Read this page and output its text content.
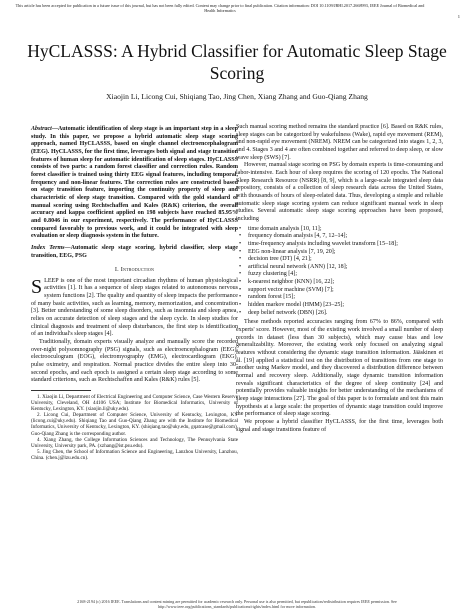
This article has been accepted for publication in a future issue of this journal, but has not been fully edited. Content may change prior to final publication. Citation information: DOI 10.1109/JBHI.2017.2668993, IEEE Journal of Biomedical and Health Informatics
1
HyCLASSS: A Hybrid Classifier for Automatic Sleep Stage Scoring
Xiaojin Li, Licong Cui, Shiqiang Tao, Jing Chen, Xiang Zhang and Guo-Qiang Zhang

Abstract—Automatic identification of sleep stage is an important step in a sleep study. In this paper, we propose a hybrid automatic sleep stage scoring approach, named HyCLASSS, based on single channel electroencephalogram (EEG). HyCLASSS, for the first time, leverages both signal and stage transition features of human sleep for automatic identification of sleep stages. HyCLASSS consists of two parts: a random forest classifier and correction rules. Random forest classifier is trained using thirty EEG signal features, including temporal, frequency and non-linear features. The correction rules are constructed based on stage transition feature, importing the continuity property of sleep and characteristic of sleep stage transition. Compared with the gold standard of manual scoring using Rechtschaffen and Kales (R&K) criterion, the overall accuracy and kappa coefficient applied on 198 subjects have reached 85.95% and 0.8046 in our experiment, respectively. The performance of HyCLASSS compared favorably to previous work, and it could be integrated with sleep evaluation or sleep diagnosis system in the future.

Index Terms—Automatic sleep stage scoring, hybrid classifier, sleep stage transition, EEG, PSG

I. Introduction

SLEEP is one of the most important circadian rhythms of human physiological activities [1]. It has a sequence of sleep stages related to autonomous nervous system functions [2]. The quality and quantity of sleep impacts the performance of many basic activities, such as learning, memory, memorization, and concentration [3]. Better understanding of some sleep disorders, such as insomnia and sleep apnea, relies on accurate detection of sleep stages and the sleep cycle. In sleep studies for clinical diagnosis and treatment of sleep disturbances, the first step is identification of an individual's sleep stages [4].

Traditionally, domain experts visually analyze and manually score the recorded over-night polysomnography (PSG) signals, such as electroencephalogram (EEG), electrooculogram (EOG), electromyography (EMG), electrocardiogram (EKG), pulse oximetry, and respiration. Normal practice divides the entire sleep into 30-second epochs, and each epoch is assigned a certain sleep stage according to some standard criterions, such as Rechtschaffen and Kales (R&K) rules [5].

1. Xiaojin Li, Department of Electrical Engineering and Computer Science, Case Western Reserve University, Cleveland, OH 44106 USA; Institute for Biomedical Informatics, University of Kentucky, Lexington, KY. (xiaojin.li@uky.edu).

2. Licong Cui, Department of Computer Science, University of Kentucky, Lexington, KY (licong.cui@uky.edu). Shiqiang Tao and Guo-Qiang Zhang are with the Institute for Biomedical Informatics, University of Kentucky, Lexington, KY. (shiqiang.tao@uky.edu, gqatcase@gmail.com). Guo-Qiang Zhang is the corresponding author.

4. Xiang Zhang, the College Information Sciences and Technology, The Pennsylvania State University, University park, PA. (xzhang@ist.psu.edu).

5. Jing Chen, the School of Information Science and Engineering, Lanzhou University, Lanzhou, China. (chen.j@lzu.edu.cn).

Such manual scoring method remains the standard practice [6]. Based on R&K rules, sleep stages can be categorized by wakefulness (Wake), rapid eye movement (REM), and non-rapid eye movement (NREM). NREM can be categorized into stages 1, 2, 3, and 4. Stages 3 and 4 are often combined together and referred to deep sleep, or slow wave sleep (SWS) [7].

However, manual stage scoring on PSG by domain experts is time-consuming and labor-intensive. Each hour of sleep requires the scoring of 120 epochs. The National Sleep Research Resource (NSRR) [8, 9], which is a large-scale integrated sleep data repository, consists of a collection of sleep research data across the United States, with thousands of hours of sleep-related data. Thus, developing a simple and reliable automatic sleep stage scoring system can reduce significant manual work in sleep studies. Several automatic sleep stage scoring approaches have been proposed, including

• time domain analysis [10, 11];
• frequency domain analysis [4, 7, 12–14];
• time-frequency analysis including wavelet transform [15–18];
• EEG non-linear analysis [7, 19, 20];
• decision tree (DT) [4, 21];
• artificial neural network (ANN) [12, 18];
• fuzzy clustering [4];
• k-nearest neighbor (KNN) [16, 22];
• support vector machine (SVM) [7];
• random forest [15];
• hidden markov model (HMM) [23–25];
• deep belief network (DBN) [26].

These methods reported accuracies ranging from 67% to 86%, compared with experts' score. However, most of the existing work involved a small number of sleep records in dataset (less than 30 subjects), which may cause bias and low generalizability. Moreover, the existing work only focused on analyzing signal features without considering the dynamic stage transition information. Jääskinen et al. [19] applied a statistical test on the distribution of transitions from one stage to another using Markov model, and they discovered a distribution difference between normal and recovery sleep. Additionally, stage dynamic transition information reveals significant characteristics of the degree of sleep continuity [24] and potentially provides valuable insights for better understanding of the mechanisms of sleep stage interactions [27]. The goal of this paper is to formulate and test this main hypothesis at a large scale: the properties of dynamic stage transition could improve the performance of sleep stage scoring.

We propose a hybrid classifier HyCLASSS, for the first time, leverages both signal and stage transitions feature of

2168-2194 (c) 2016 IEEE. Translations and content mining are permitted for academic research only. Personal use is also permitted, but republication/redistribution requires IEEE permission. See http://www.ieee.org/publications_standards/publications/rights/index.html for more information.
